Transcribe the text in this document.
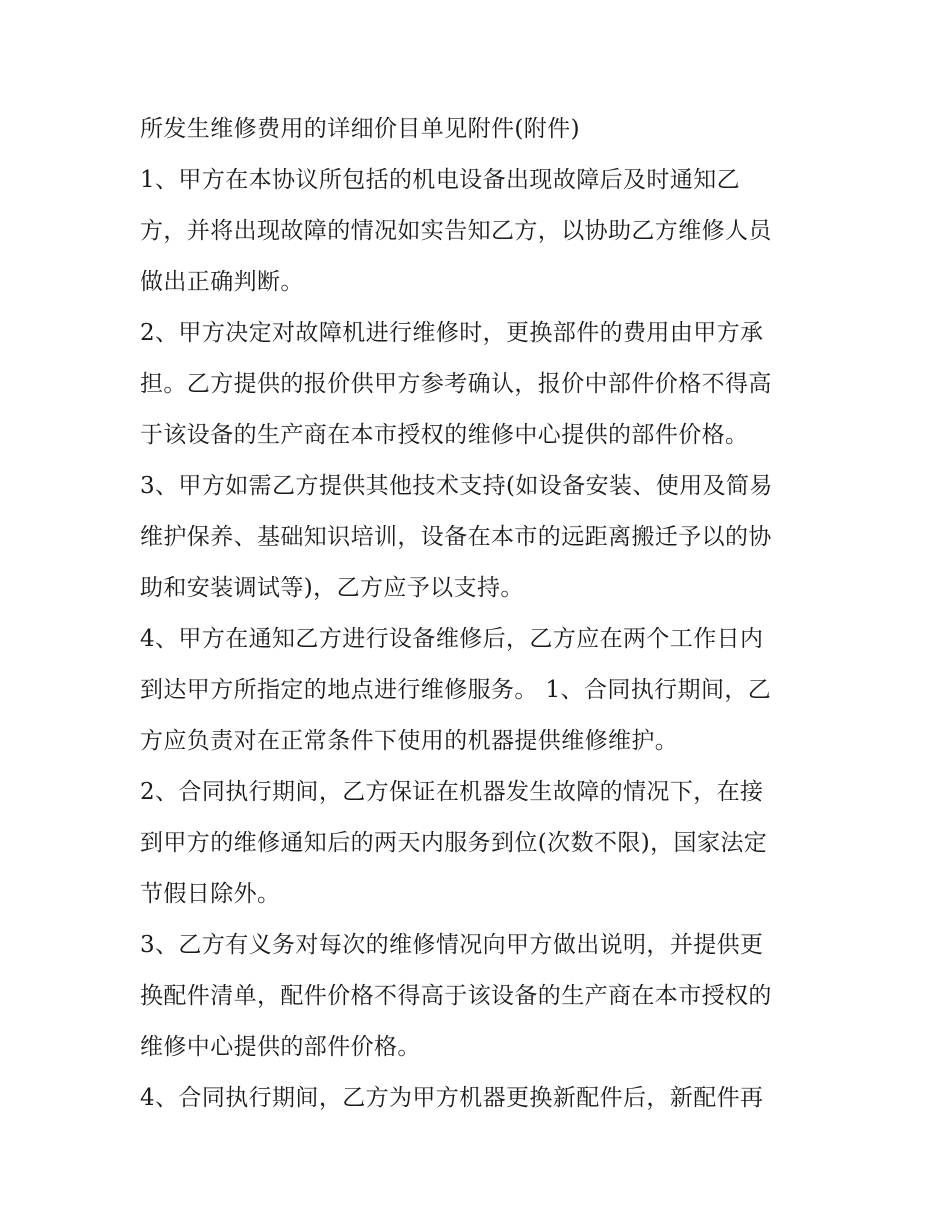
所发生维修费用的详细价目单见附件(附件)
1、甲方在本协议所包括的机电设备出现故障后及时通知乙
方，并将出现故障的情况如实告知乙方，以协助乙方维修人员
做出正确判断。
2、甲方决定对故障机进行维修时，更换部件的费用由甲方承
担。乙方提供的报价供甲方参考确认，报价中部件价格不得高
于该设备的生产商在本市授权的维修中心提供的部件价格。
3、甲方如需乙方提供其他技术支持(如设备安装、使用及简易
维护保养、基础知识培训，设备在本市的远距离搬迁予以的协
助和安装调试等)，乙方应予以支持。
4、甲方在通知乙方进行设备维修后，乙方应在两个工作日内
到达甲方所指定的地点进行维修服务。 1、合同执行期间，乙
方应负责对在正常条件下使用的机器提供维修维护。
2、合同执行期间，乙方保证在机器发生故障的情况下，在接
到甲方的维修通知后的两天内服务到位(次数不限)，国家法定
节假日除外。
3、乙方有义务对每次的维修情况向甲方做出说明，并提供更
换配件清单，配件价格不得高于该设备的生产商在本市授权的
维修中心提供的部件价格。
4、合同执行期间，乙方为甲方机器更换新配件后，新配件再
